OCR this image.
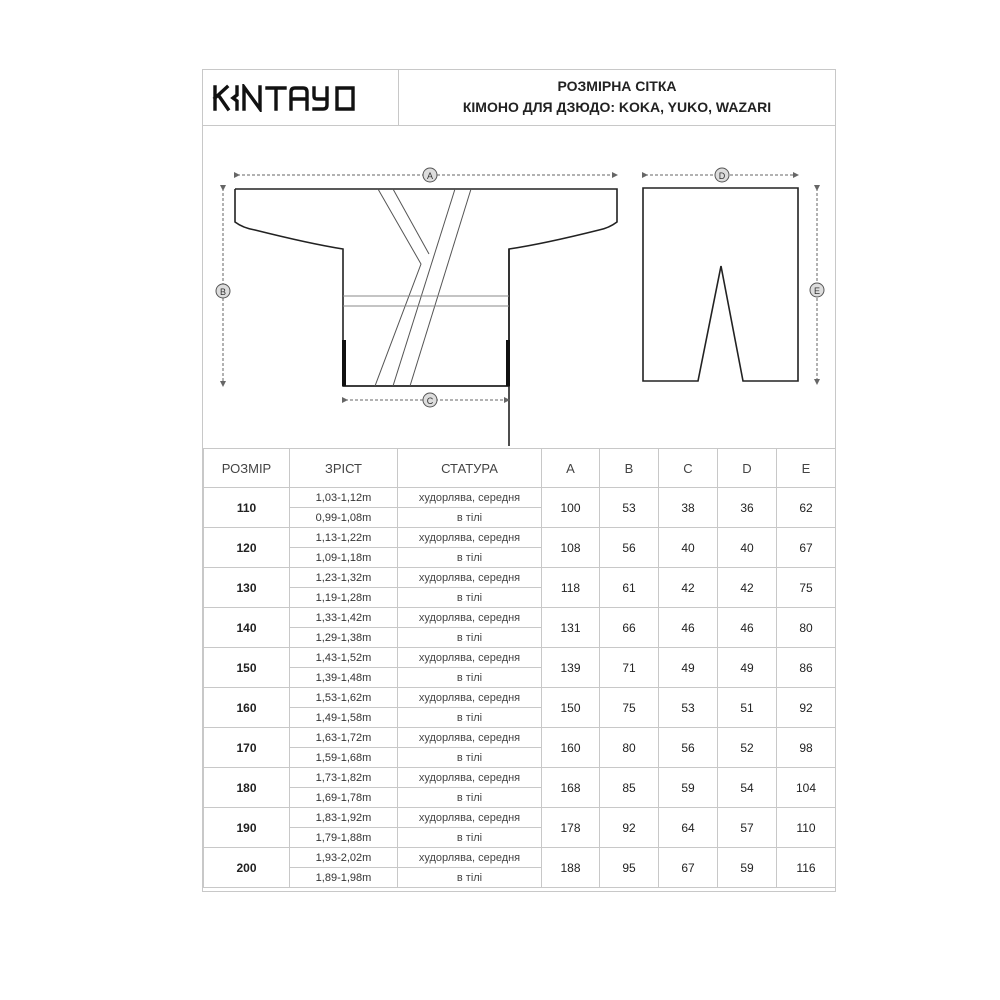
РОЗМІРНА СІТКА
КІМОНО ДЛЯ ДЗЮДО: KOKA, YUKO, WAZARI
A
B
C
D
E
РОЗМІР	ЗРІСТ	СТАТУРА	A	B	C	D	E
110	1,03-1,12m	худорлява, середня	100	53	38	36	62
	0,99-1,08m	в тілі					
120	1,13-1,22m	худорлява, середня	108	56	40	40	67
	1,09-1,18m	в тілі					
130	1,23-1,32m	худорлява, середня	118	61	42	42	75
	1,19-1,28m	в тілі					
140	1,33-1,42m	худорлява, середня	131	66	46	46	80
	1,29-1,38m	в тілі					
150	1,43-1,52m	худорлява, середня	139	71	49	49	86
	1,39-1,48m	в тілі					
160	1,53-1,62m	худорлява, середня	150	75	53	51	92
	1,49-1,58m	в тілі					
170	1,63-1,72m	худорлява, середня	160	80	56	52	98
	1,59-1,68m	в тілі					
180	1,73-1,82m	худорлява, середня	168	85	59	54	104
	1,69-1,78m	в тілі					
190	1,83-1,92m	худорлява, середня	178	92	64	57	110
	1,79-1,88m	в тілі					
200	1,93-2,02m	худорлява, середня	188	95	67	59	116
	1,89-1,98m	в тілі					
